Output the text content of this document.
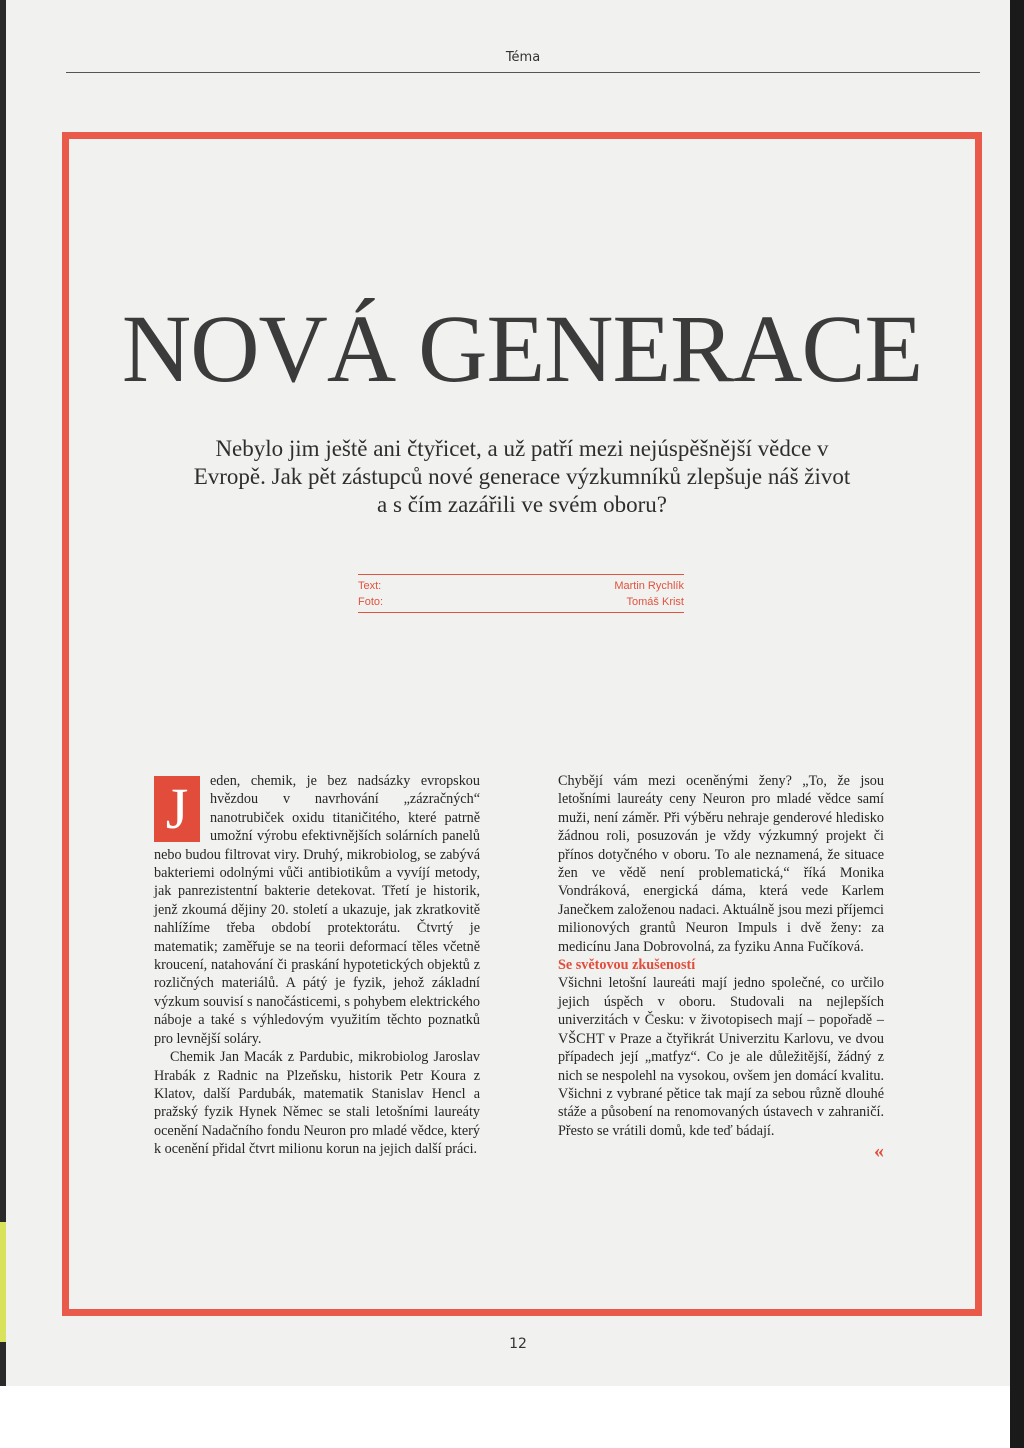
Téma
NOVÁ GENERACE
Nebylo jim ještě ani čtyřicet, a už patří mezi nejúspěšnější vědce v Evropě. Jak pět zástupců nové generace výzkumníků zlepšuje náš život a s čím zazářili ve svém oboru?
Text:	Martin Rychlík
Foto:	Tomáš Krist

J	eden, chemik, je bez nadsázky evropskou hvězdou v navrhování „zázračných“ nanotrubiček oxidu titaničitého, které patrně umožní výrobu efektivnějších solárních panelů nebo budou filtrovat viry. Druhý, mikrobiolog, se zabývá bakteriemi odolnými vůči antibiotikům a vyvíjí metody, jak panrezistentní bakterie detekovat. Třetí je historik, jenž zkoumá dějiny 20. století a ukazuje, jak zkratkovitě nahlížíme třeba období protektorátu. Čtvrtý je matematik; zaměřuje se na teorii deformací těles včetně kroucení, natahování či praskání hypotetických objektů z rozličných materiálů. A pátý je fyzik, jehož základní výzkum souvisí s nanočásticemi, s pohybem elektrického náboje a také s výhledovým využitím těchto poznatků pro levnější soláry.

Chemik Jan Macák z Pardubic, mikrobiolog Jaroslav Hrabák z Radnic na Plzeňsku, historik Petr Koura z Klatov, další Pardubák, matematik Stanislav Hencl a pražský fyzik Hynek Němec se stali letošními laureáty ocenění Nadačního fondu Neuron pro mladé vědce, který k ocenění přidal čtvrt milionu korun na jejich další práci.

Chybějí vám mezi oceněnými ženy? „To, že jsou letošními laureáty ceny Neuron pro mladé vědce samí muži, není záměr. Při výběru nehraje genderové hledisko žádnou roli, posuzován je vždy výzkumný projekt či přínos dotyčného v oboru. To ale neznamená, že situace žen ve vědě není problematická,“ říká Monika Vondráková, energická dáma, která vede Karlem Janečkem založenou nadaci. Aktuálně jsou mezi příjemci milionových grantů Neuron Impuls i dvě ženy: za medicínu Jana Dobrovolná, za fyziku Anna Fučíková.

Se světovou zkušeností

Všichni letošní laureáti mají jedno společné, co určilo jejich úspěch v oboru. Studovali na nejlepších univerzitách v Česku: v životopisech mají – popořadě – VŠCHT v Praze a čtyřikrát Univerzitu Karlovu, ve dvou případech její „matfyz“. Co je ale důležitější, žádný z nich se nespolehl na vysokou, ovšem jen domácí kvalitu. Všichni z vybrané pětice tak mají za sebou různě dlouhé stáže a působení na renomovaných ústavech v zahraničí. Přesto se vrátili domů, kde teď bádají.

«
12
